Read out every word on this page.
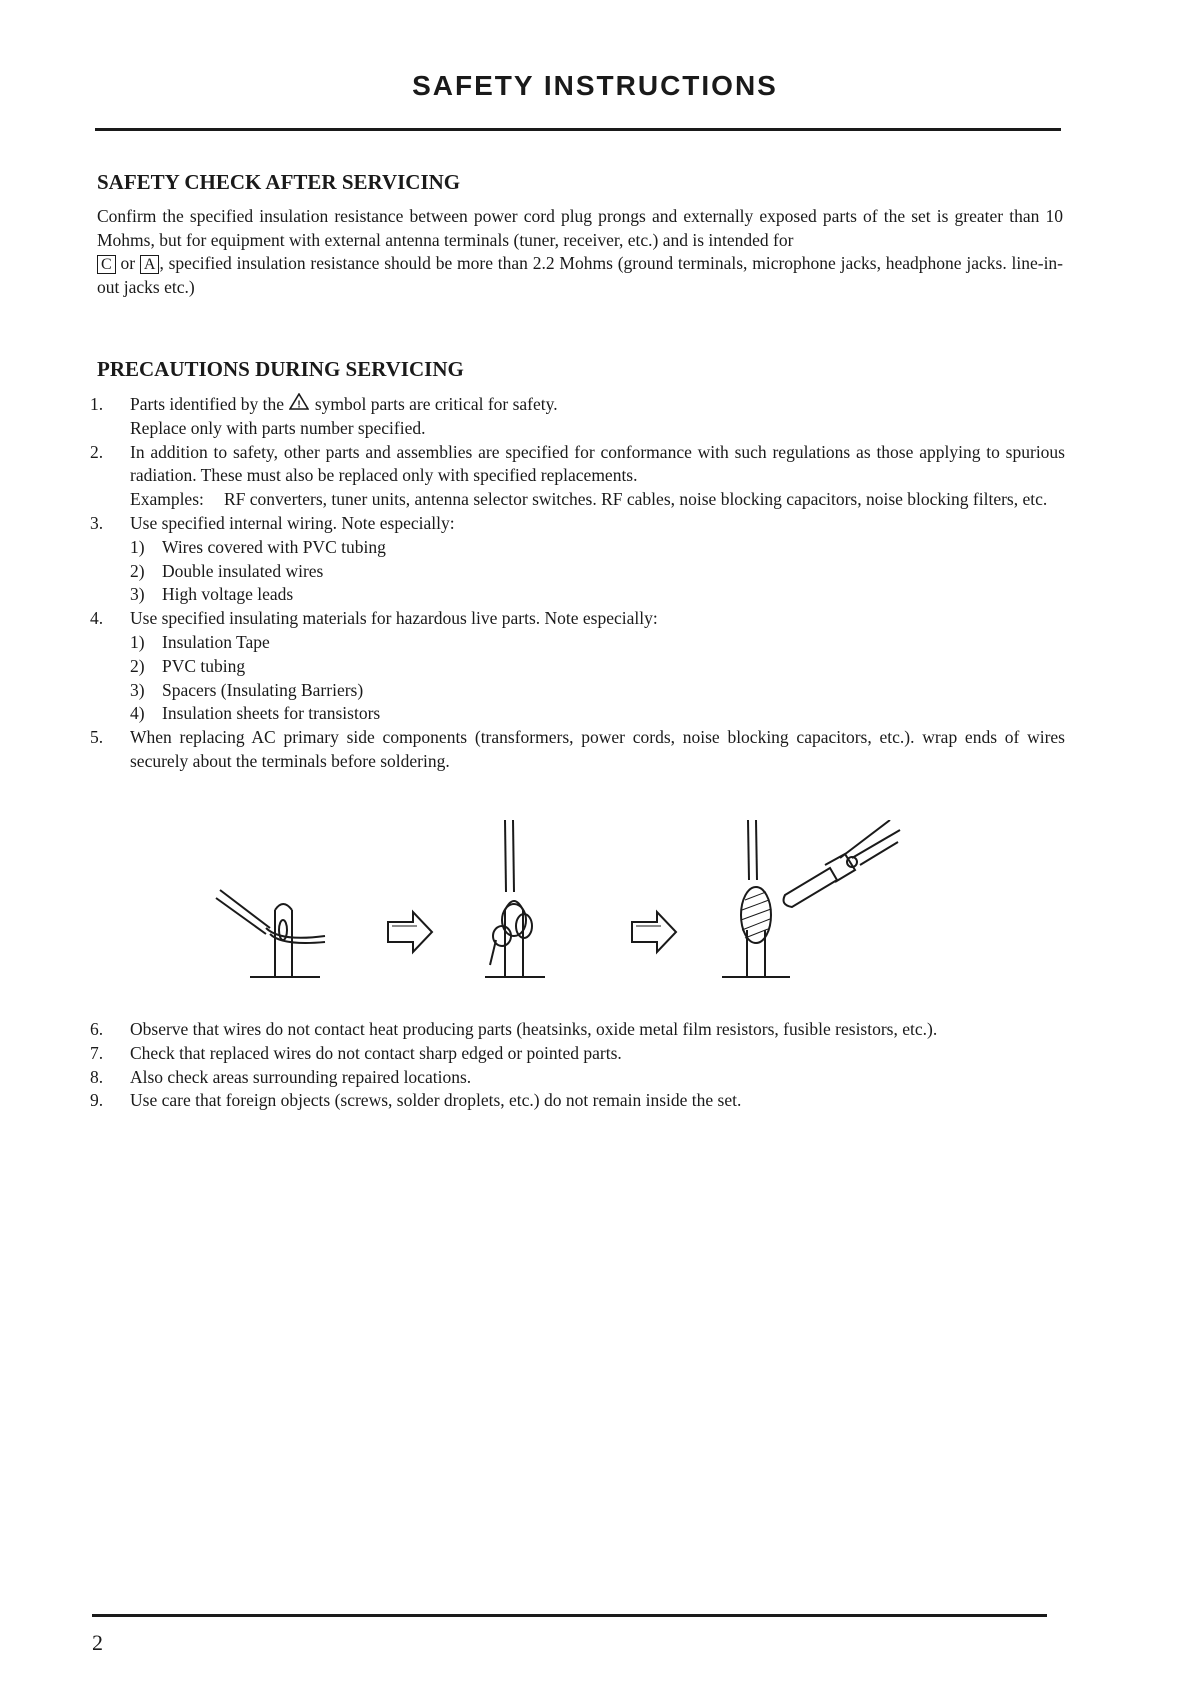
SAFETY INSTRUCTIONS
SAFETY CHECK AFTER SERVICING
Confirm the specified insulation resistance between power cord plug prongs and externally exposed parts of the set is greater than 10 Mohms, but for equipment with external antenna terminals (tuner, receiver, etc.) and is intended for
C or A , specified insulation resistance should be more than 2.2 Mohms (ground terminals, microphone jacks, headphone jacks. line-in-out jacks etc.)
PRECAUTIONS DURING SERVICING
1.	Parts identified by the ! symbol parts are critical for safety.
Replace only with parts number specified.
2.	In addition to safety, other parts and assemblies are specified for conformance with such regulations as those applying to spurious radiation. These must also be replaced only with specified replacements.
Examples:	RF converters, tuner units, antenna selector switches. RF cables, noise blocking capacitors, noise blocking filters, etc.
3.	Use specified internal wiring. Note especially:
1) Wires covered with PVC tubing
2) Double insulated wires
3) High voltage leads
4.	Use specified insulating materials for hazardous live parts. Note especially:
1) Insulation Tape
2) PVC tubing
3) Spacers (Insulating Barriers)
4) Insulation sheets for transistors
5.	When replacing AC primary side components (transformers, power cords, noise blocking capacitors, etc.). wrap ends of wires securely about the terminals before soldering.
6.	Observe that wires do not contact heat producing parts (heatsinks, oxide metal film resistors, fusible resistors, etc.).
7.	Check that replaced wires do not contact sharp edged or pointed parts.
8.	Also check areas surrounding repaired locations.
9.	Use care that foreign objects (screws, solder droplets, etc.) do not remain inside the set.
2
